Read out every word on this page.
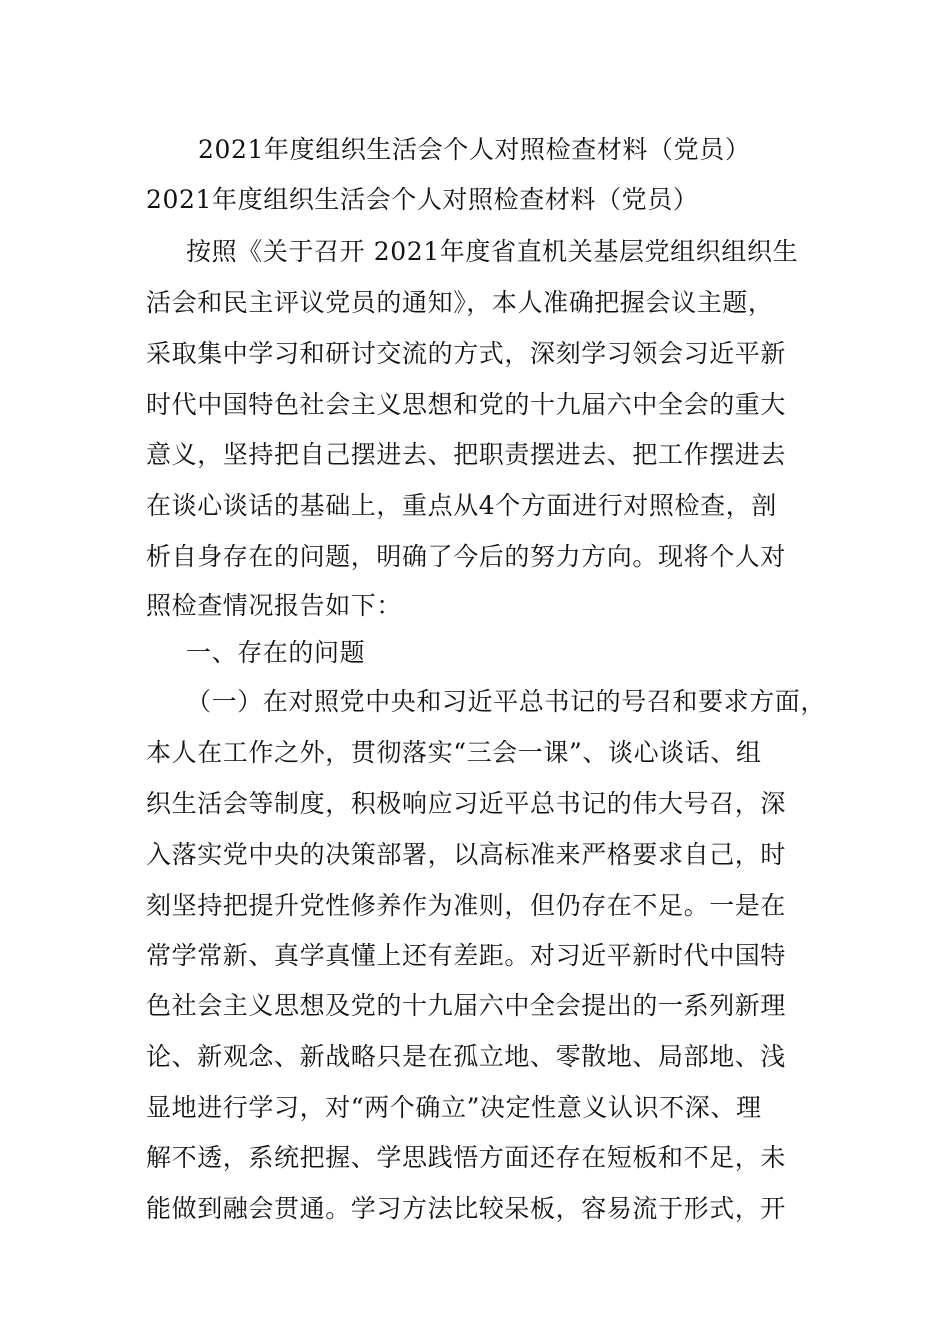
2021年度组织生活会个人对照检查材料（党员）
2021年度组织生活会个人对照检查材料（党员）
按照《关于召开 2021年度省直机关基层党组织组织生
活会和民主评议党员的通知》，本人准确把握会议主题，
采取集中学习和研讨交流的方式，深刻学习领会习近平新
时代中国特色社会主义思想和党的十九届六中全会的重大
意义，坚持把自己摆进去、把职责摆进去、把工作摆进去
在谈心谈话的基础上，重点从4个方面进行对照检查，剖
析自身存在的问题，明确了今后的努力方向。现将个人对
照检查情况报告如下：
一、存在的问题
（一）在对照党中央和习近平总书记的号召和要求方面，
本人在工作之外，贯彻落实“三会一课”、谈心谈话、组
织生活会等制度，积极响应习近平总书记的伟大号召，深
入落实党中央的决策部署，以高标准来严格要求自己，时
刻坚持把提升党性修养作为准则，但仍存在不足。一是在
常学常新、真学真懂上还有差距。对习近平新时代中国特
色社会主义思想及党的十九届六中全会提出的一系列新理
论、新观念、新战略只是在孤立地、零散地、局部地、浅
显地进行学习，对“两个确立”决定性意义认识不深、理
解不透，系统把握、学思践悟方面还存在短板和不足，未
能做到融会贯通。学习方法比较呆板，容易流于形式，开
